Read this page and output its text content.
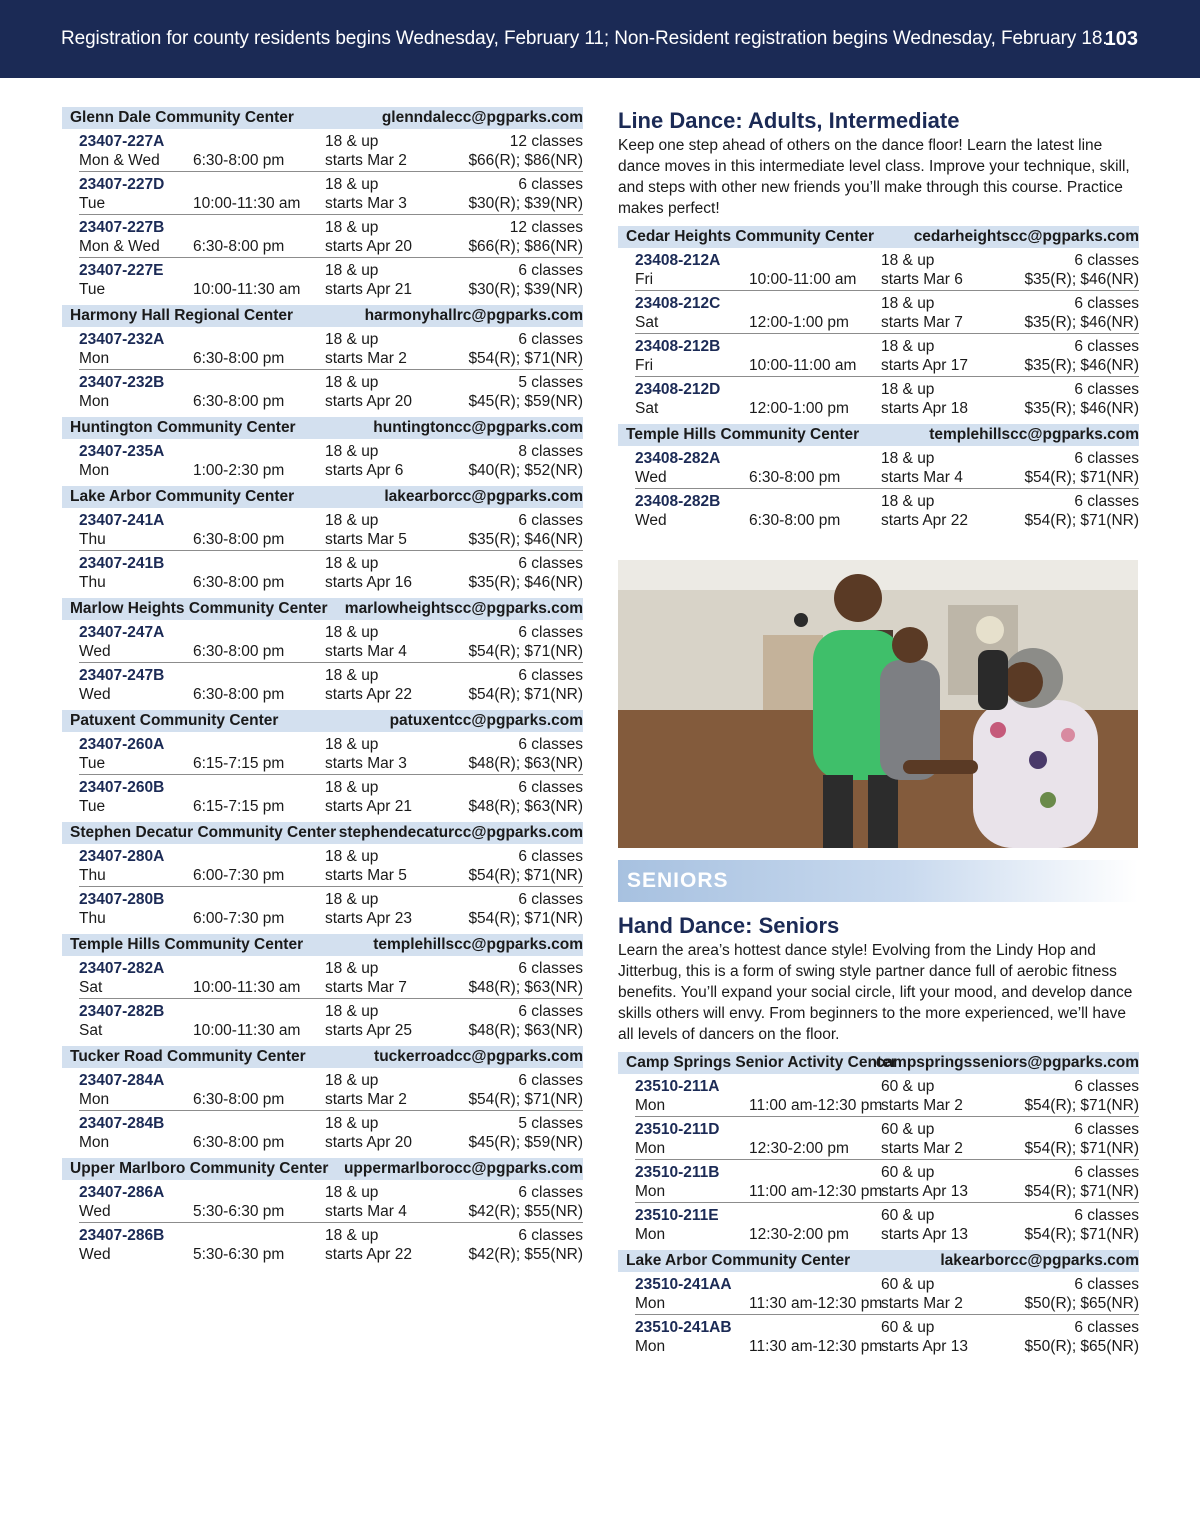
Registration for county residents begins Wednesday, February 11; Non-Resident registration begins Wednesday, February 18.
103
Glenn Dale Community Center	glenndalecc@pgparks.com
23407-227A
Mon & Wed 6:30-8:00 pm
18 & up
starts Mar 2
12 classes
$66(R); $86(NR)
23407-227D
Tue	10:00-11:30 am
18 & up
starts Mar 3
6 classes
$30(R); $39(NR)
23407-227B
Mon & Wed 6:30-8:00 pm
18 & up
starts Apr 20
12 classes
$66(R); $86(NR)
23407-227E
Tue	10:00-11:30 am
18 & up
starts Apr 21
6 classes
$30(R); $39(NR)
Harmony Hall Regional Center	harmonyhallrc@pgparks.com
23407-232A
Mon	6:30-8:00 pm
18 & up
starts Mar 2
6 classes
$54(R); $71(NR)
23407-232B
Mon	6:30-8:00 pm
18 & up
starts Apr 20
5 classes
$45(R); $59(NR)
Huntington Community Center	huntingtoncc@pgparks.com
23407-235A
Mon	1:00-2:30 pm
18 & up
starts Apr 6
8 classes
$40(R); $52(NR)
Lake Arbor Community Center	lakearborcc@pgparks.com
23407-241A
Thu	6:30-8:00 pm
18 & up
starts Mar 5
6 classes
$35(R); $46(NR)
23407-241B
Thu	6:30-8:00 pm
18 & up
starts Apr 16
6 classes
$35(R); $46(NR)
Marlow Heights Community Center marlowheightscc@pgparks.com
23407-247A
Wed	6:30-8:00 pm
18 & up
starts Mar 4
6 classes
$54(R); $71(NR)
23407-247B
Wed	6:30-8:00 pm
18 & up
starts Apr 22
6 classes
$54(R); $71(NR)
Patuxent Community Center	patuxentcc@pgparks.com
23407-260A
Tue	6:15-7:15 pm
18 & up
starts Mar 3
6 classes
$48(R); $63(NR)
23407-260B
Tue	6:15-7:15 pm
18 & up
starts Apr 21
6 classes
$48(R); $63(NR)
Stephen Decatur Community Center stephendecaturcc@pgparks.com
23407-280A
Thu	6:00-7:30 pm
18 & up
starts Mar 5
6 classes
$54(R); $71(NR)
23407-280B
Thu	6:00-7:30 pm
18 & up
starts Apr 23
6 classes
$54(R); $71(NR)
Temple Hills Community Center	templehillscc@pgparks.com
23407-282A
Sat	10:00-11:30 am
18 & up
starts Mar 7
6 classes
$48(R); $63(NR)
23407-282B
Sat	10:00-11:30 am
18 & up
starts Apr 25
6 classes
$48(R); $63(NR)
Tucker Road Community Center	tuckerroadcc@pgparks.com
23407-284A
Mon	6:30-8:00 pm
18 & up
starts Mar 2
6 classes
$54(R); $71(NR)
23407-284B
Mon	6:30-8:00 pm
18 & up
starts Apr 20
5 classes
$45(R); $59(NR)
Upper Marlboro Community Center uppermarlborocc@pgparks.com
23407-286A
Wed	5:30-6:30 pm
18 & up
starts Mar 4
6 classes
$42(R); $55(NR)
23407-286B
Wed	5:30-6:30 pm
18 & up
starts Apr 22
6 classes
$42(R); $55(NR)
Line Dance: Adults, Intermediate

Keep one step ahead of others on the dance floor! Learn the latest line dance moves in this intermediate level class. Improve your technique, skill, and steps with other new friends you’ll make through this course. Practice makes perfect!

Cedar Heights Community Center	cedarheightscc@pgparks.com
23408-212A
Fri	10:00-11:00 am
18 & up
starts Mar 6
6 classes
$35(R); $46(NR)
23408-212C
Sat	12:00-1:00 pm
18 & up
starts Mar 7
6 classes
$35(R); $46(NR)
23408-212B
Fri	10:00-11:00 am
18 & up
starts Apr 17
6 classes
$35(R); $46(NR)
23408-212D
Sat	12:00-1:00 pm
18 & up
starts Apr 18
6 classes
$35(R); $46(NR)
Temple Hills Community Center	templehillscc@pgparks.com
23408-282A
Wed	6:30-8:00 pm
18 & up
starts Mar 4
6 classes
$54(R); $71(NR)
23408-282B
Wed	6:30-8:00 pm
18 & up
starts Apr 22
6 classes
$54(R); $71(NR)
SENIORS
Hand Dance: Seniors

Learn the area’s hottest dance style! Evolving from the Lindy Hop and Jitterbug, this is a form of swing style partner dance full of aerobic fitness benefits. You’ll expand your social circle, lift your mood, and develop dance skills others will envy. From beginners to the more experienced, we’ll have all levels of dancers on the floor.

Camp Springs Senior Activity Center
campspringsseniors@pgparks.com
23510-211A
Mon	11:00 am-12:30 pm
60 & up
starts Mar 2
6 classes
$54(R); $71(NR)
23510-211D
Mon	12:30-2:00 pm
60 & up
starts Mar 2
6 classes
$54(R); $71(NR)
23510-211B
Mon	11:00 am-12:30 pm
60 & up
starts Apr 13
6 classes
$54(R); $71(NR)
23510-211E
Mon	12:30-2:00 pm
60 & up
starts Apr 13
6 classes
$54(R); $71(NR)
Lake Arbor Community Center	lakearborcc@pgparks.com
23510-241AA
Mon	11:30 am-12:30 pm
60 & up
starts Mar 2
6 classes
$50(R); $65(NR)
23510-241AB
Mon	11:30 am-12:30 pm
60 & up
starts Apr 13
6 classes
$50(R); $65(NR)
